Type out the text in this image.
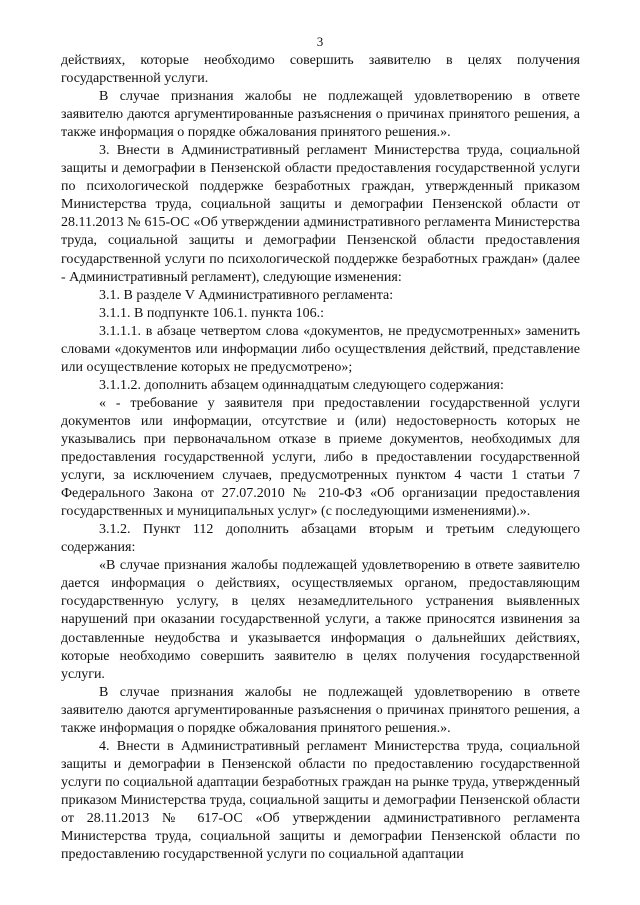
3

действиях, которые необходимо совершить заявителю в целях получения государственной услуги.

В случае признания жалобы не подлежащей удовлетворению в ответе заявителю даются аргументированные разъяснения о причинах принятого решения, а также информация о порядке обжалования принятого решения.».

3. Внести в Административный регламент Министерства труда, социальной защиты и демографии в Пензенской области предоставления государственной услуги по психологической поддержке безработных граждан, утвержденный приказом Министерства труда, социальной защиты и демографии Пензенской области от 28.11.2013 № 615-ОС «Об утверждении административного регламента Министерства труда, социальной защиты и демографии Пензенской области предоставления государственной услуги по психологической поддержке безработных граждан» (далее - Административный регламент), следующие изменения:

3.1. В разделе V Административного регламента:

3.1.1. В подпункте 106.1. пункта 106.:

3.1.1.1. в абзаце четвертом слова «документов, не предусмотренных» заменить словами «документов или информации либо осуществления действий, представление или осуществление которых не предусмотрено»;

3.1.1.2. дополнить абзацем одиннадцатым следующего содержания:

« - требование у заявителя при предоставлении государственной услуги документов или информации, отсутствие и (или) недостоверность которых не указывались при первоначальном отказе в приеме документов, необходимых для предоставления государственной услуги, либо в предоставлении государственной услуги, за исключением случаев, предусмотренных пунктом 4 части 1 статьи 7 Федерального Закона от 27.07.2010 № 210-ФЗ «Об организации предоставления государственных и муниципальных услуг» (с последующими изменениями).».

3.1.2. Пункт 112 дополнить абзацами вторым и третьим следующего содержания:

«В случае признания жалобы подлежащей удовлетворению в ответе заявителю дается информация о действиях, осуществляемых органом, предоставляющим государственную услугу, в целях незамедлительного устранения выявленных нарушений при оказании государственной услуги, а также приносятся извинения за доставленные неудобства и указывается информация о дальнейших действиях, которые необходимо совершить заявителю в целях получения государственной услуги.

В случае признания жалобы не подлежащей удовлетворению в ответе заявителю даются аргументированные разъяснения о причинах принятого решения, а также информация о порядке обжалования принятого решения.».

4. Внести в Административный регламент Министерства труда, социальной защиты и демографии в Пензенской области по предоставлению государственной услуги по социальной адаптации безработных граждан на рынке труда, утвержденный приказом Министерства труда, социальной защиты и демографии Пензенской области от 28.11.2013 № 617-ОС «Об утверждении административного регламента Министерства труда, социальной защиты и демографии Пензенской области по предоставлению государственной услуги по социальной адаптации
